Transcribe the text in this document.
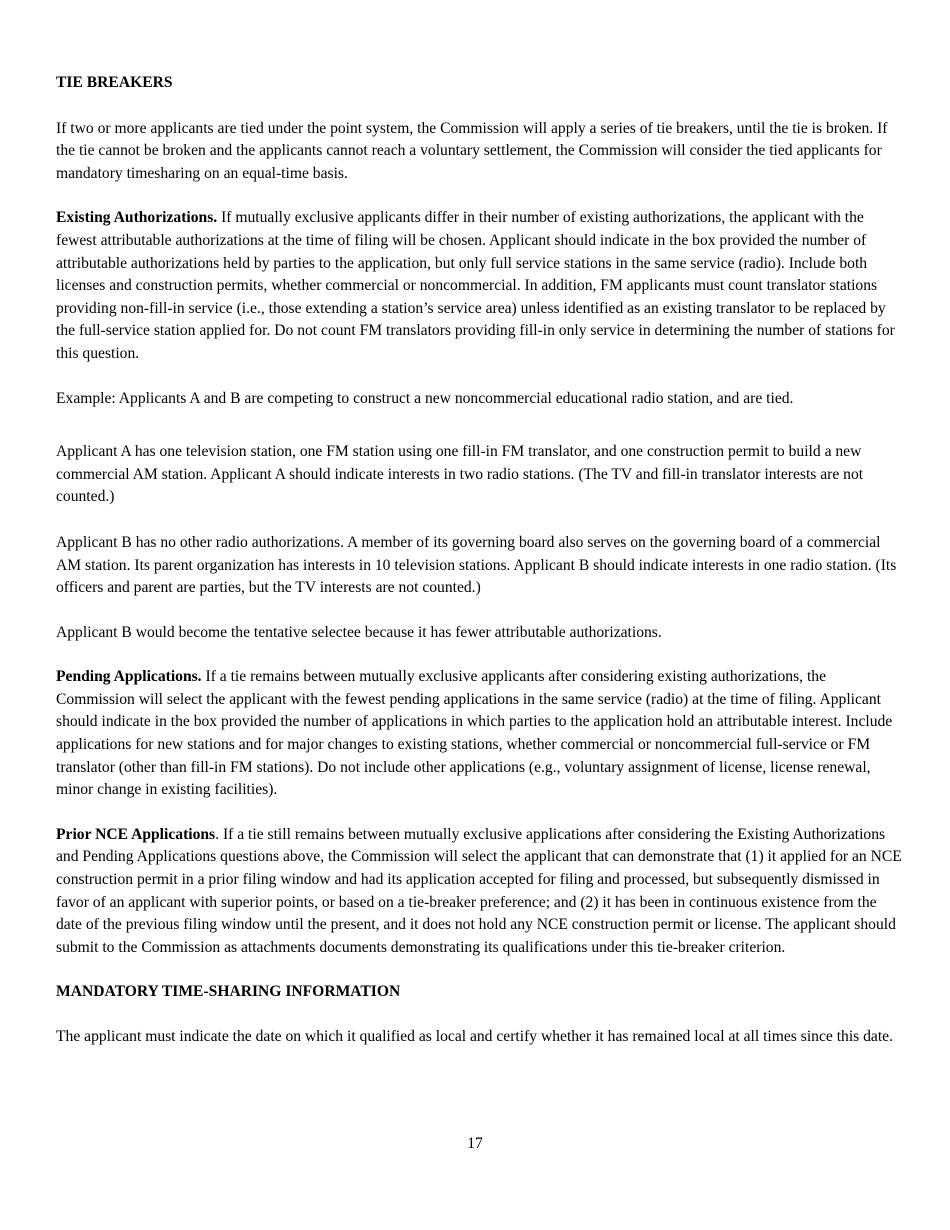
TIE BREAKERS

If two or more applicants are tied under the point system, the Commission will apply a series of tie breakers, until the tie is broken. If the tie cannot be broken and the applicants cannot reach a voluntary settlement, the Commission will consider the tied applicants for mandatory timesharing on an equal-time basis.

Existing Authorizations. If mutually exclusive applicants differ in their number of existing authorizations, the applicant with the fewest attributable authorizations at the time of filing will be chosen. Applicant should indicate in the box provided the number of attributable authorizations held by parties to the application, but only full service stations in the same service (radio). Include both licenses and construction permits, whether commercial or noncommercial. In addition, FM applicants must count translator stations providing non-fill-in service (i.e., those extending a station’s service area) unless identified as an existing translator to be replaced by the full-service station applied for. Do not count FM translators providing fill-in only service in determining the number of stations for this question.

Example: Applicants A and B are competing to construct a new noncommercial educational radio station, and are tied.

Applicant A has one television station, one FM station using one fill-in FM translator, and one construction permit to build a new commercial AM station. Applicant A should indicate interests in two radio stations. (The TV and fill-in translator interests are not counted.)

Applicant B has no other radio authorizations. A member of its governing board also serves on the governing board of a commercial AM station. Its parent organization has interests in 10 television stations. Applicant B should indicate interests in one radio station. (Its officers and parent are parties, but the TV interests are not counted.)

Applicant B would become the tentative selectee because it has fewer attributable authorizations.

Pending Applications. If a tie remains between mutually exclusive applicants after considering existing authorizations, the Commission will select the applicant with the fewest pending applications in the same service (radio) at the time of filing. Applicant should indicate in the box provided the number of applications in which parties to the application hold an attributable interest. Include applications for new stations and for major changes to existing stations, whether commercial or noncommercial full-service or FM translator (other than fill-in FM stations). Do not include other applications (e.g., voluntary assignment of license, license renewal, minor change in existing facilities).

Prior NCE Applications. If a tie still remains between mutually exclusive applications after considering the Existing Authorizations and Pending Applications questions above, the Commission will select the applicant that can demonstrate that (1) it applied for an NCE construction permit in a prior filing window and had its application accepted for filing and processed, but subsequently dismissed in favor of an applicant with superior points, or based on a tie-breaker preference; and (2) it has been in continuous existence from the date of the previous filing window until the present, and it does not hold any NCE construction permit or license. The applicant should submit to the Commission as attachments documents demonstrating its qualifications under this tie-breaker criterion.

MANDATORY TIME-SHARING INFORMATION

The applicant must indicate the date on which it qualified as local and certify whether it has remained local at all times since this date.

17
